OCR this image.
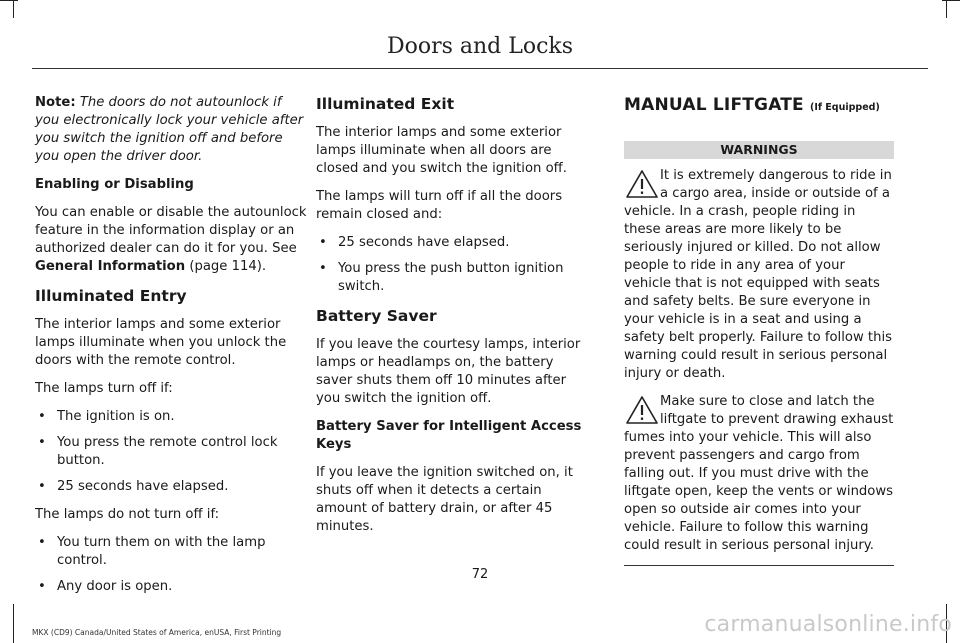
Doors and Locks

Note: The doors do not autounlock if you electronically lock your vehicle after you switch the ignition off and before you open the driver door.

Enabling or Disabling

You can enable or disable the autounlock feature in the information display or an authorized dealer can do it for you. See General Information (page 114).

Illuminated Entry

The interior lamps and some exterior lamps illuminate when you unlock the doors with the remote control.

The lamps turn off if:

• The ignition is on.
• You press the remote control lock button.
• 25 seconds have elapsed.

The lamps do not turn off if:

• You turn them on with the lamp control.
• Any door is open.
Illuminated Exit

The interior lamps and some exterior lamps illuminate when all doors are closed and you switch the ignition off.

The lamps will turn off if all the doors remain closed and:

• 25 seconds have elapsed.
• You press the push button ignition switch.
Battery Saver

If you leave the courtesy lamps, interior lamps or headlamps on, the battery saver shuts them off 10 minutes after you switch the ignition off.

Battery Saver for Intelligent Access Keys

If you leave the ignition switched on, it shuts off when it detects a certain amount of battery drain, or after 45 minutes.

MANUAL LIFTGATE (If Equipped)
WARNINGS

It is extremely dangerous to ride in a cargo area, inside or outside of a vehicle. In a crash, people riding in these areas are more likely to be seriously injured or killed. Do not allow people to ride in any area of your vehicle that is not equipped with seats and safety belts. Be sure everyone in your vehicle is in a seat and using a safety belt properly. Failure to follow this warning could result in serious personal injury or death.

Make sure to close and latch the liftgate to prevent drawing exhaust fumes into your vehicle. This will also prevent passengers and cargo from falling out. If you must drive with the liftgate open, keep the vents or windows open so outside air comes into your vehicle. Failure to follow this warning could result in serious personal injury.

72
MKX (CD9) Canada/United States of America, enUSA, First Printing	carmanualsonline.info
